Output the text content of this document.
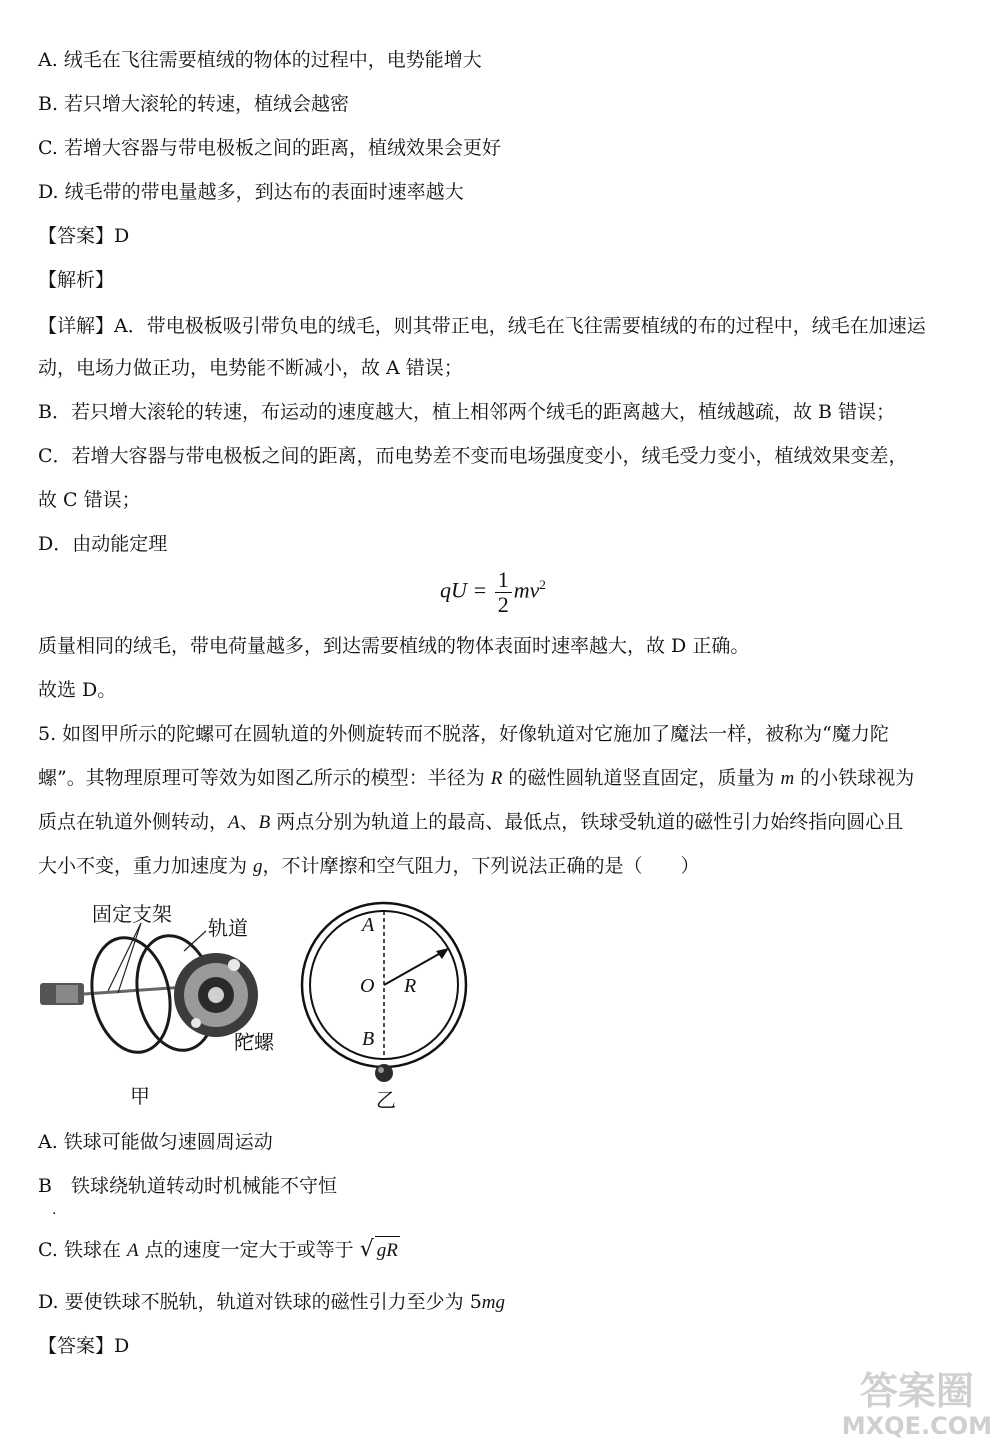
A. 绒毛在飞往需要植绒的物体的过程中，电势能增大
B. 若只增大滚轮的转速，植绒会越密
C. 若增大容器与带电极板之间的距离，植绒效果会更好
D. 绒毛带的带电量越多，到达布的表面时速率越大
【答案】D
【解析】
【详解】A．带电极板吸引带负电的绒毛，则其带正电，绒毛在飞往需要植绒的布的过程中，绒毛在加速运
动，电场力做正功，电势能不断减小，故 A 错误；
B．若只增大滚轮的转速，布运动的速度越大，植上相邻两个绒毛的距离越大，植绒越疏，故 B 错误；
C．若增大容器与带电极板之间的距离，而电势差不变而电场强度变小，绒毛受力变小，植绒效果变差，
故 C 错误；
D．由动能定理
qU = $\frac{1}{2} mv^2$
质量相同的绒毛，带电荷量越多，到达需要植绒的物体表面时速率越大，故 D 正确。
故选 D。
5. 如图甲所示的陀螺可在圆轨道的外侧旋转而不脱落，好像轨道对它施加了魔法一样，被称为“魔力陀
螺”。其物理原理可等效为如图乙所示的模型：半径为 R 的磁性圆轨道竖直固定，质量为 m 的小铁球视为
质点在轨道外侧转动，A、B 两点分别为轨道上的最高、最低点，铁球受轨道的磁性引力始终指向圆心且
大小不变，重力加速度为 g，不计摩擦和空气阻力，下列说法正确的是（　　）
固定支架
轨道
陀螺
甲
A
O R
B
乙
A. 铁球可能做匀速圆周运动
B　铁球绕轨道转动时机械能不守恒
.
C. 铁球在 A 点的速度一定大于或等于 √ gR
D. 要使铁球不脱轨，轨道对铁球的磁性引力至少为 5mg
【答案】D
答案圈
MXQE.COM
